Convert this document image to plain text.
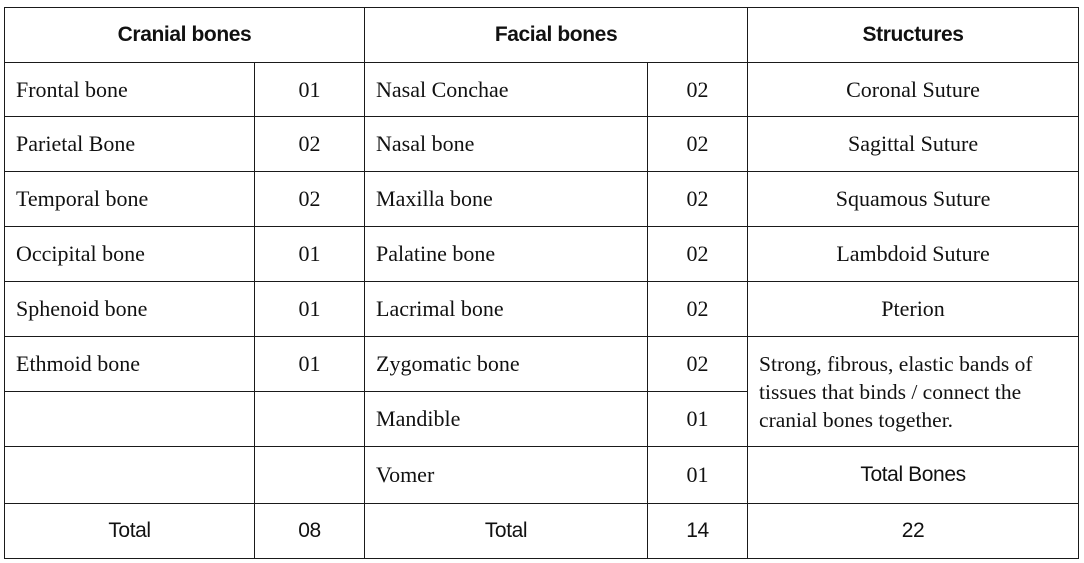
Cranial bones		Facial bones		Structures
Frontal bone	01	Nasal Conchae	02	Coronal Suture
Parietal Bone	02	Nasal bone	02	Sagittal Suture
Temporal bone	02	Maxilla bone	02	Squamous Suture
Occipital bone	01	Palatine bone	02	Lambdoid Suture
Sphenoid bone	01	Lacrimal bone	02	Pterion
Ethmoid bone	01	Zygomatic bone	02	Strong, fibrous, elastic bands of tissues that binds / connect the cranial bones together.
		Mandible	01	
		Vomer	01	Total Bones
Total	08	Total	14	22
